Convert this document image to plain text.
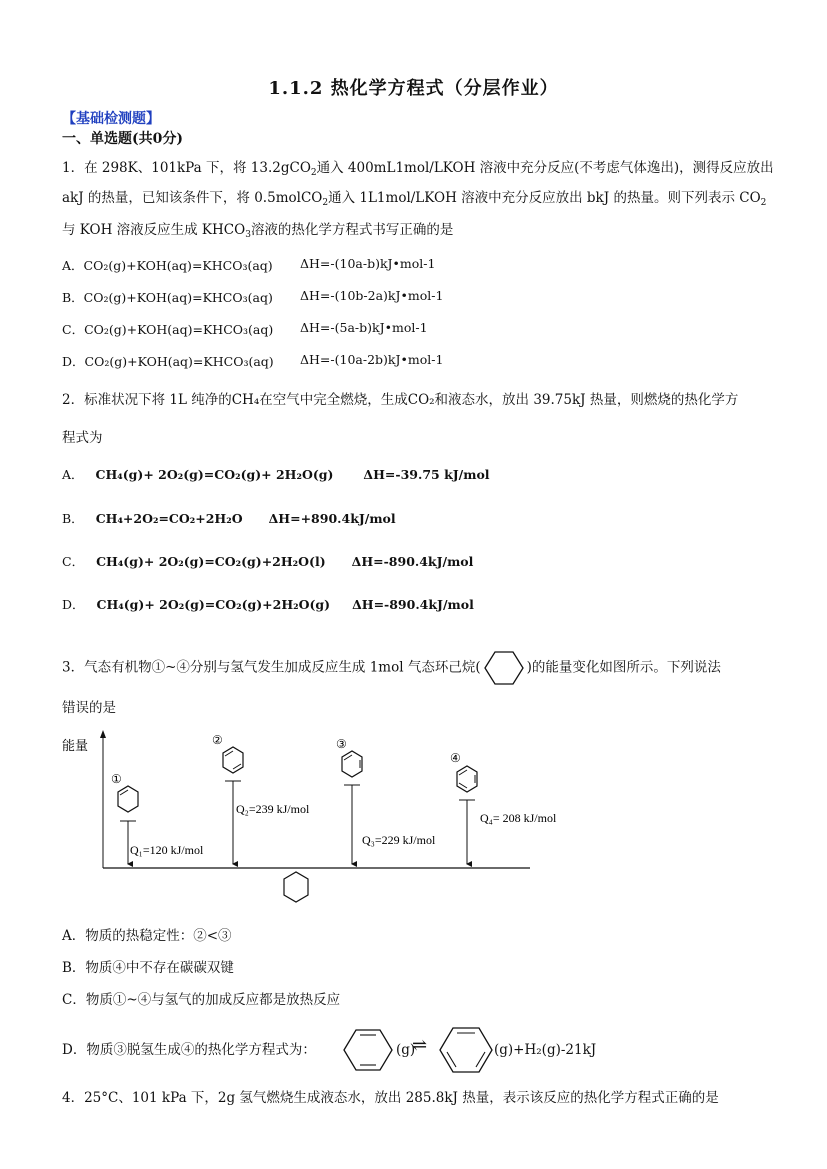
1.1.2 热化学方程式（分层作业）
【基础检测题】
一、单选题(共0分)
1．在 298K、101kPa 下，将 13.2gCO$_2$通入 400mL1mol/LKOH 溶液中充分反应(不考虑气体逸出)，测得反应放出
akJ 的热量，已知该条件下，将 0.5molCO$_2$通入 1L1mol/LKOH 溶液中充分反应放出 bkJ 的热量。则下列表示 $CO_2$
与 KOH 溶液反应生成 $KHCO_3$溶液的热化学方程式书写正确的是
A．CO₂(g)+KOH(aq)=KHCO₃(aq) ΔH=-(10a-b)kJ•mol-1
B．CO₂(g)+KOH(aq)=KHCO₃(aq) ΔH=-(10b-2a)kJ•mol-1
C．CO₂(g)+KOH(aq)=KHCO₃(aq) ΔH=-(5a-b)kJ•mol-1
D．CO₂(g)+KOH(aq)=KHCO₃(aq) ΔH=-(10a-2b)kJ•mol-1
2．标准状况下将 1L 纯净的CH₄在空气中完全燃烧，生成CO₂和液态水，放出 39.75kJ 热量，则燃烧的热化学方
程式为
A． CH₄(g)+ 2O₂(g)=CO₂(g)+ 2H₂O(g) ΔH=-39.75 kJ/mol
B． CH₄+2O₂=CO₂+2H₂O ΔH=+890.4kJ/mol
C． CH₄(g)+ 2O₂(g)=CO₂(g)+2H₂O(l) ΔH=-890.4kJ/mol
D． CH₄(g)+ 2O₂(g)=CO₂(g)+2H₂O(g) ΔH=-890.4kJ/mol
3．气态有机物①~④分别与氢气发生加成反应生成 1mol 气态环己烷(	)的能量变化如图所示。下列说法
错误的是
能量
①
Q₁=120 kJ/mol
②
Q₂=239 kJ/mol
③
Q₃=229 kJ/mol
④
Q₄= 208 kJ/mol
A．物质的热稳定性：②<③
B．物质④中不存在碳碳双键
C．物质①~④与氢气的加成反应都是放热反应
D．物质③脱氢生成④的热化学方程式为：	(g)
⇌	(g)+H₂(g)-21kJ
4．25°C、101 kPa 下，2g 氢气燃烧生成液态水，放出 285.8kJ 热量，表示该反应的热化学方程式正确的是
